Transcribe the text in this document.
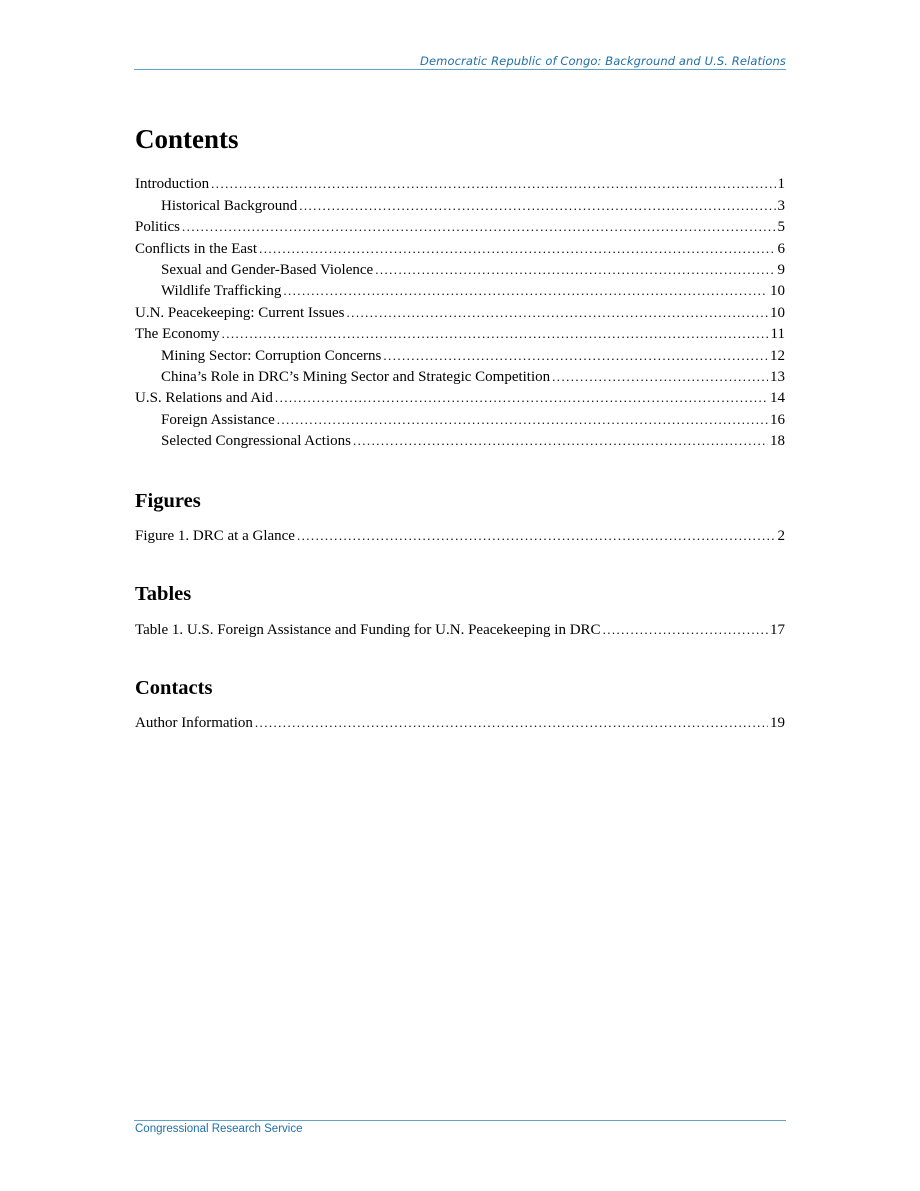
Democratic Republic of Congo: Background and U.S. Relations
Contents
Introduction .....	1
Historical Background .....	3
Politics .....	5
Conflicts in the East .....	6
Sexual and Gender-Based Violence .....	9
Wildlife Trafficking .....	10
U.N. Peacekeeping: Current Issues .....	10
The Economy .....	11
Mining Sector: Corruption Concerns .....	12
China’s Role in DRC’s Mining Sector and Strategic Competition .....	13
U.S. Relations and Aid .....	14
Foreign Assistance .....	16
Selected Congressional Actions .....	18
Figures
Figure 1. DRC at a Glance .....	2
Tables
Table 1. U.S. Foreign Assistance and Funding for U.N. Peacekeeping in DRC .....	17
Contacts
Author Information .....	19
Congressional Research Service
